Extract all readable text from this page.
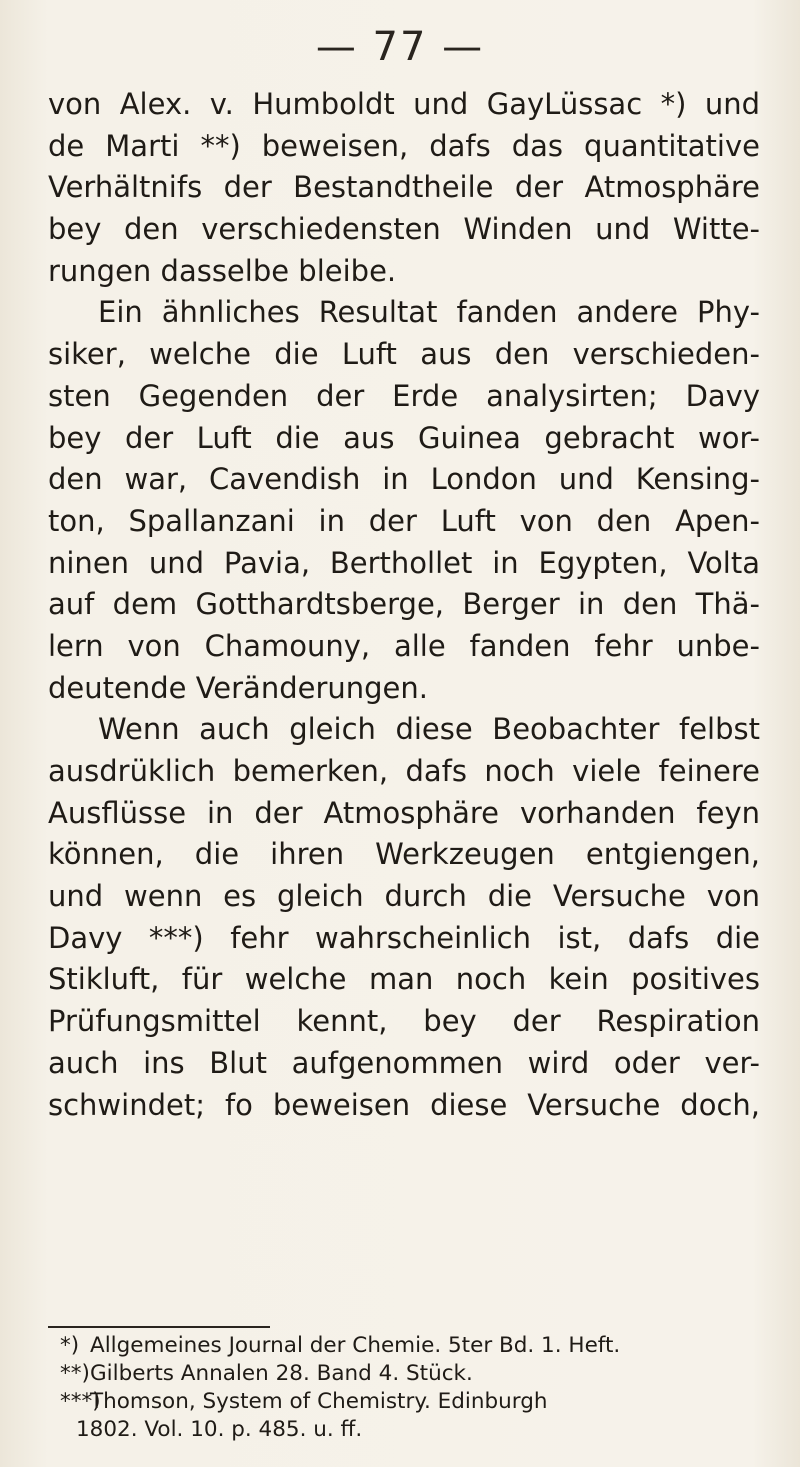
— 77 —
von Alex. v. Humboldt und GayLüssac *) und
de Marti **) beweisen, dafs das quantitative
Verhältnifs der Bestandtheile der Atmosphäre
bey den verschiedensten Winden und Witte-
rungen dasselbe bleibe.
Ein ähnliches Resultat fanden andere Phy-
siker, welche die Luft aus den verschieden-
sten Gegenden der Erde analysirten; Davy
bey der Luft die aus Guinea gebracht wor-
den war, Cavendish in London und Kensing-
ton, Spallanzani in der Luft von den Apen-
ninen und Pavia, Berthollet in Egypten, Volta
auf dem Gotthardtsberge, Berger in den Thä-
lern von Chamouny, alle fanden fehr unbe-
deutende Veränderungen.
Wenn auch gleich diese Beobachter felbst
ausdrüklich bemerken, dafs noch viele feinere
Ausflüsse in der Atmosphäre vorhanden feyn
können, die ihren Werkzeugen entgiengen,
und wenn es gleich durch die Versuche von
Davy ***) fehr wahrscheinlich ist, dafs die
Stikluft, für welche man noch kein positives
Prüfungsmittel kennt, bey der Respiration
auch ins Blut aufgenommen wird oder ver-
schwindet; fo beweisen diese Versuche doch,
*) Allgemeines Journal der Chemie. 5ter Bd. 1. Heft.
**)Gilberts Annalen 28. Band 4. Stück.
***)Thomson, System of Chemistry. Edinburgh
1802. Vol. 10. p. 485. u. ff.
